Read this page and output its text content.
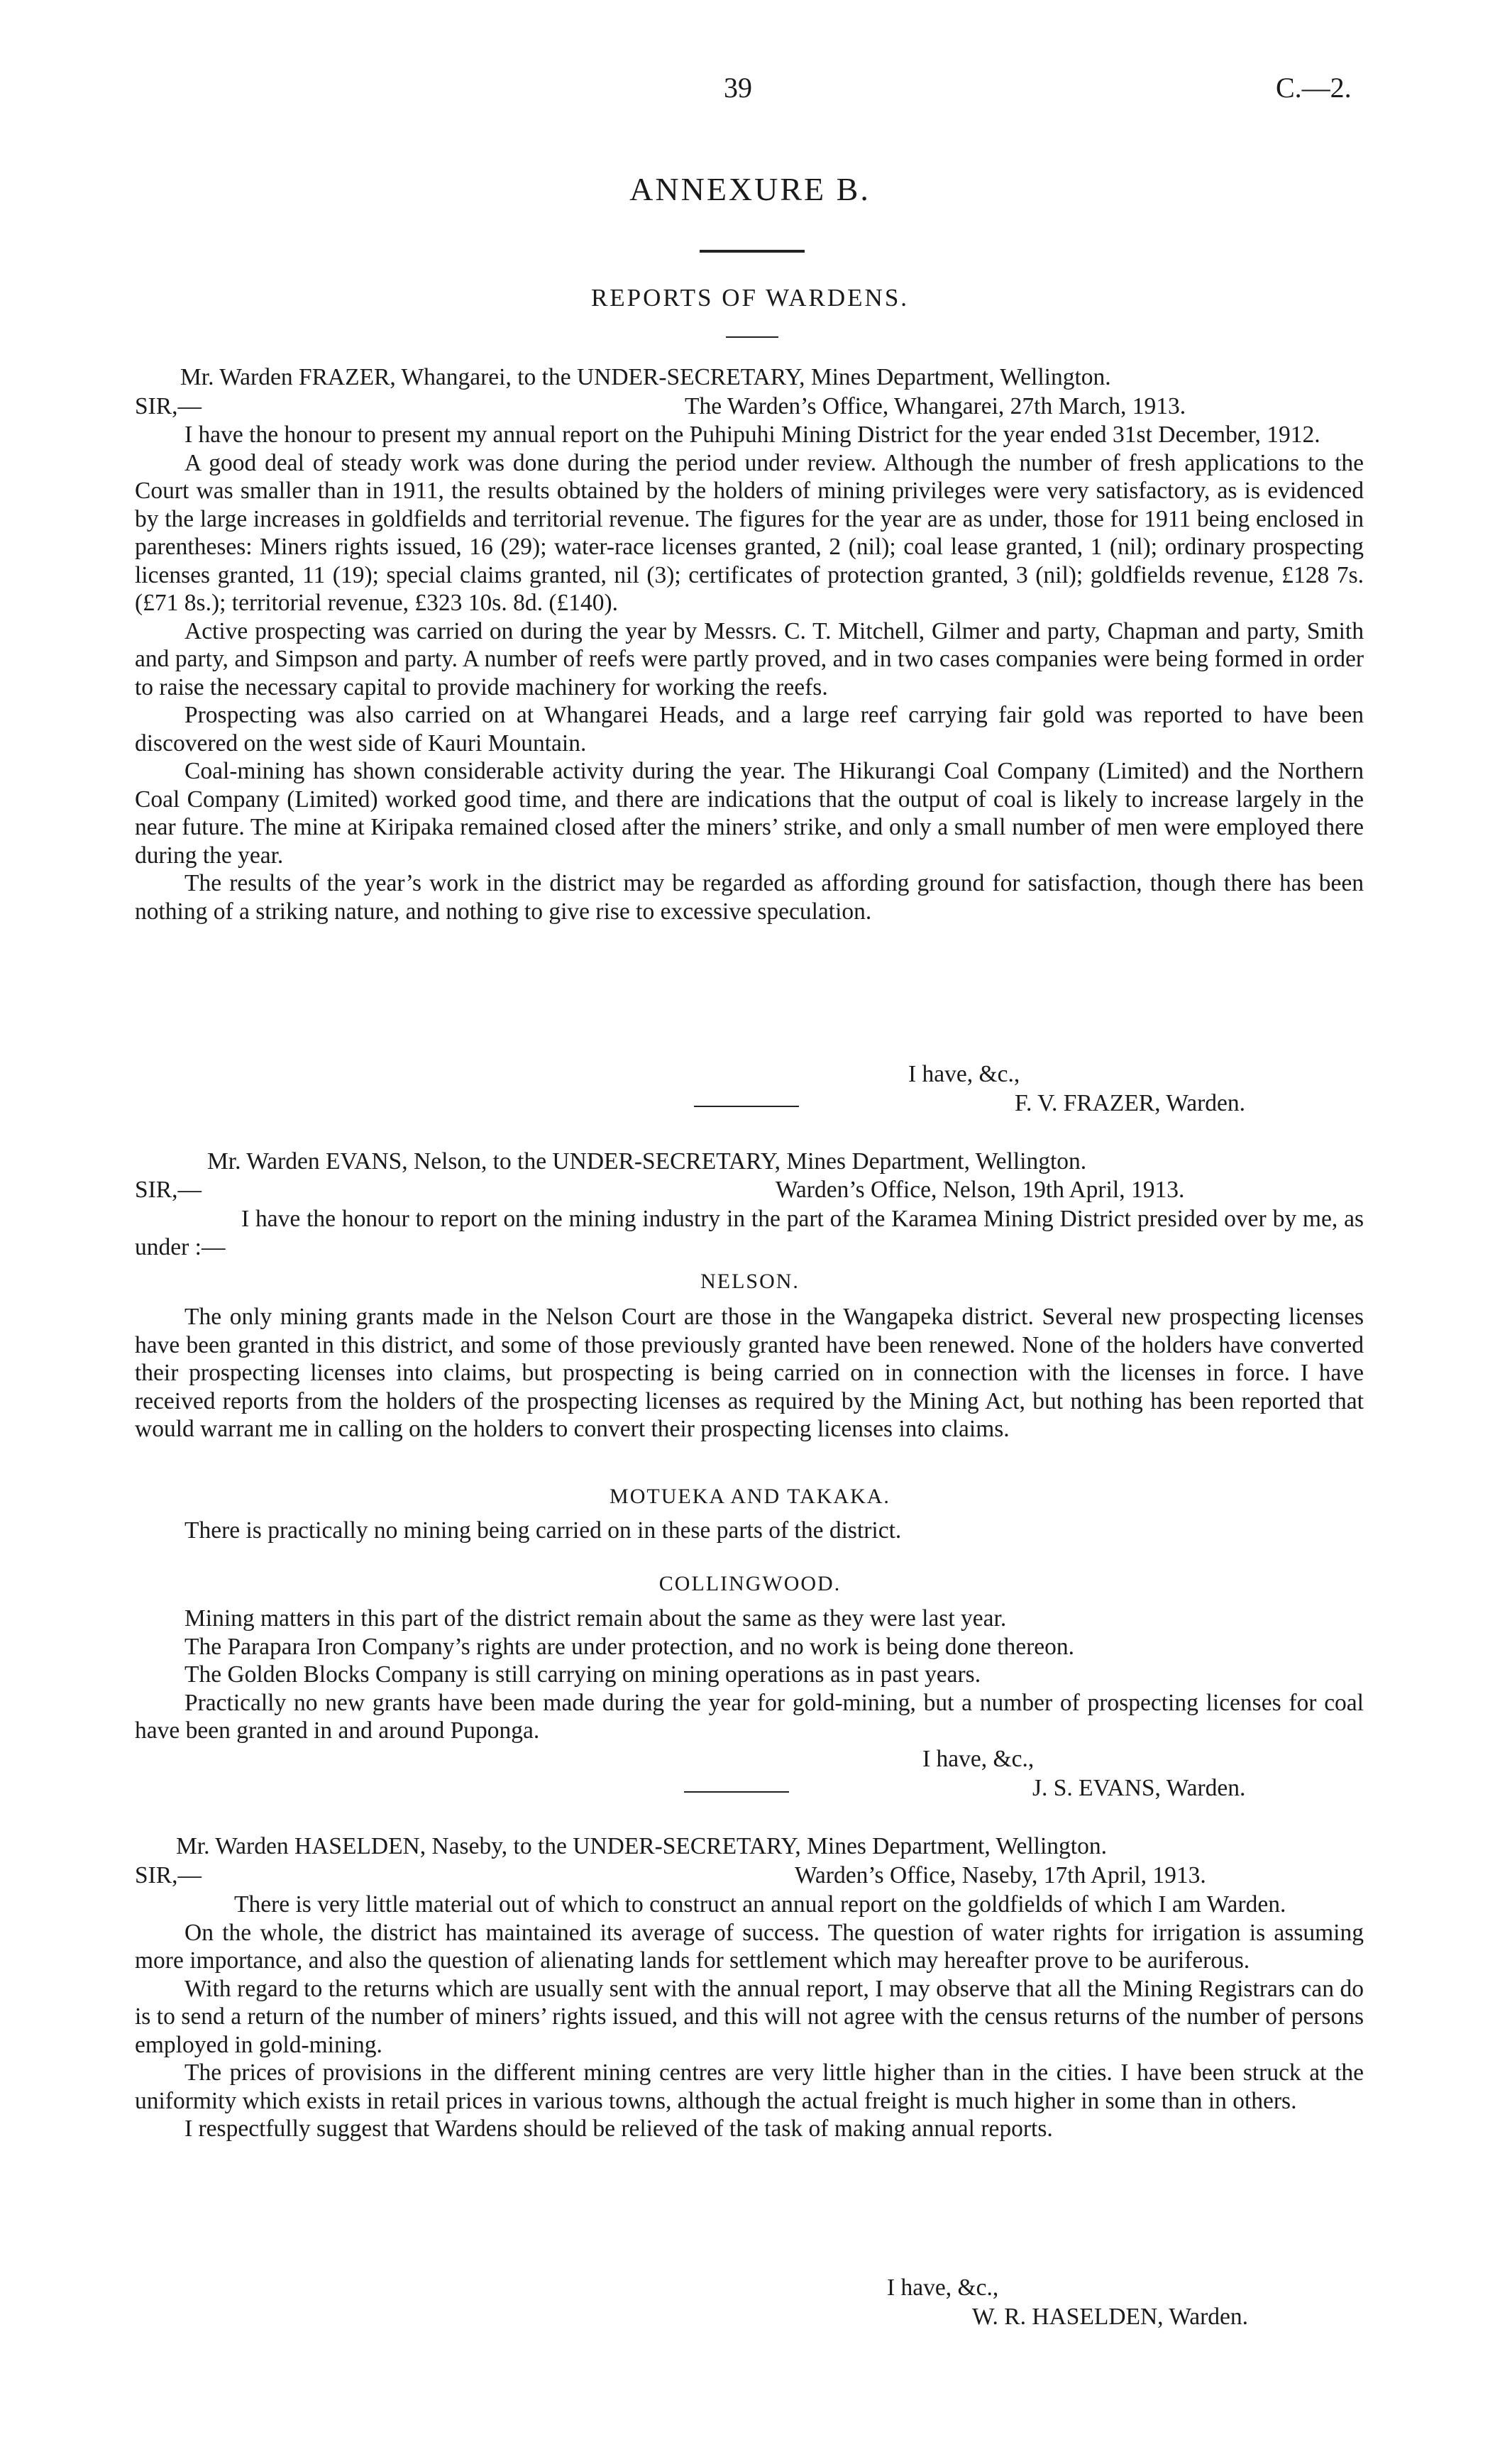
39	C.—2.
ANNEXURE B.
REPORTS OF WARDENS.
Mr. Warden FRAZER, Whangarei, to the UNDER-SECRETARY, Mines Department, Wellington.
SIR,—	The Warden’s Office, Whangarei, 27th March, 1913.

I have the honour to present my annual report on the Puhipuhi Mining District for the year ended 31st December, 1912.

A good deal of steady work was done during the period under review. Although the number of fresh applications to the Court was smaller than in 1911, the results obtained by the holders of mining privileges were very satisfactory, as is evidenced by the large increases in goldfields and territorial revenue. The figures for the year are as under, those for 1911 being enclosed in parentheses: Miners rights issued, 16 (29); water-race licenses granted, 2 (nil); coal lease granted, 1 (nil); ordinary prospecting licenses granted, 11 (19); special claims granted, nil (3); certificates of protection granted, 3 (nil); goldfields revenue, £128 7s. (£71 8s.); territorial revenue, £323 10s. 8d. (£140).

Active prospecting was carried on during the year by Messrs. C. T. Mitchell, Gilmer and party, Chapman and party, Smith and party, and Simpson and party. A number of reefs were partly proved, and in two cases companies were being formed in order to raise the necessary capital to provide machinery for working the reefs.

Prospecting was also carried on at Whangarei Heads, and a large reef carrying fair gold was reported to have been discovered on the west side of Kauri Mountain.

Coal-mining has shown considerable activity during the year. The Hikurangi Coal Company (Limited) and the Northern Coal Company (Limited) worked good time, and there are indications that the output of coal is likely to increase largely in the near future. The mine at Kiripaka remained closed after the miners’ strike, and only a small number of men were employed there during the year.

The results of the year’s work in the district may be regarded as affording ground for satisfaction, though there has been nothing of a striking nature, and nothing to give rise to excessive speculation.

I have, &c.,
F. V. FRAZER, Warden.
Mr. Warden EVANS, Nelson, to the UNDER-SECRETARY, Mines Department, Wellington.
SIR,—	Warden’s Office, Nelson, 19th April, 1913.

I have the honour to report on the mining industry in the part of the Karamea Mining District presided over by me, as under :—

NELSON.

The only mining grants made in the Nelson Court are those in the Wangapeka district. Several new prospecting licenses have been granted in this district, and some of those previously granted have been renewed. None of the holders have converted their prospecting licenses into claims, but prospecting is being carried on in connection with the licenses in force. I have received reports from the holders of the prospecting licenses as required by the Mining Act, but nothing has been reported that would warrant me in calling on the holders to convert their prospecting licenses into claims.

MOTUEKA AND TAKAKA.

There is practically no mining being carried on in these parts of the district.

COLLINGWOOD.

Mining matters in this part of the district remain about the same as they were last year.

The Parapara Iron Company’s rights are under protection, and no work is being done thereon.

The Golden Blocks Company is still carrying on mining operations as in past years.

Practically no new grants have been made during the year for gold-mining, but a number of prospecting licenses for coal have been granted in and around Puponga.

I have, &c.,
J. S. EVANS, Warden.
Mr. Warden HASELDEN, Naseby, to the UNDER-SECRETARY, Mines Department, Wellington.
SIR,—	Warden’s Office, Naseby, 17th April, 1913.

There is very little material out of which to construct an annual report on the goldfields of which I am Warden.

On the whole, the district has maintained its average of success. The question of water rights for irrigation is assuming more importance, and also the question of alienating lands for settlement which may hereafter prove to be auriferous.

With regard to the returns which are usually sent with the annual report, I may observe that all the Mining Registrars can do is to send a return of the number of miners’ rights issued, and this will not agree with the census returns of the number of persons employed in gold-mining.

The prices of provisions in the different mining centres are very little higher than in the cities. I have been struck at the uniformity which exists in retail prices in various towns, although the actual freight is much higher in some than in others.

I respectfully suggest that Wardens should be relieved of the task of making annual reports.

I have, &c.,
W. R. HASELDEN, Warden.
